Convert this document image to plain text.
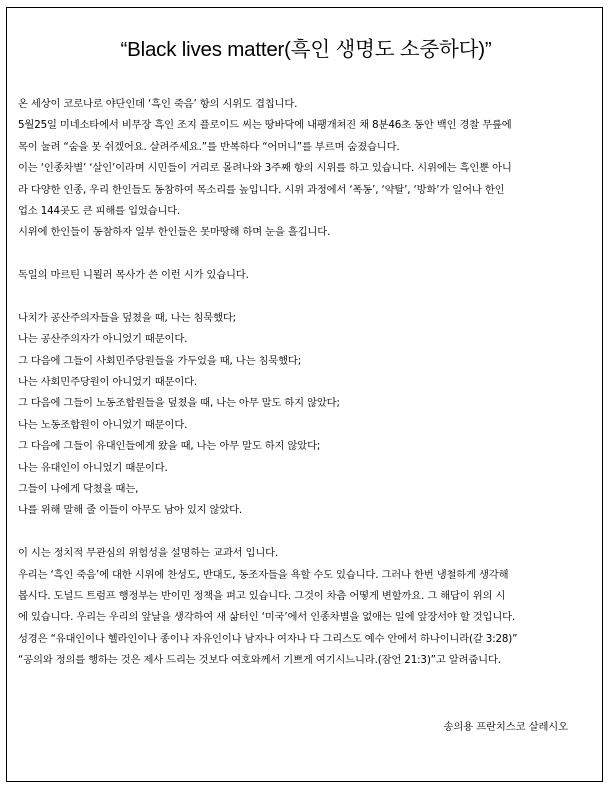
“Black lives matter(흑인 생명도 소중하다)”
온 세상이 코로나로 야단인데 ‘흑인 죽음’ 항의 시위도 겹칩니다.
5월25일 미네소타에서 비무장 흑인 조지 플로이드 씨는 땅바닥에 내팽개쳐진 채 8분46초 동안 백인 경찰 무릎에
목이 눌려 “숨을 못 쉬겠어요. 살려주세요.”를 반복하다 “어머니”를 부르며 숨졌습니다.
이는 ‘인종차별’ ‘살인’이라며 시민들이 거리로 몰려나와 3주째 항의 시위를 하고 있습니다. 시위에는 흑인뿐 아니
라 다양한 인종, 우리 한인들도 동참하여 목소리를 높입니다. 시위 과정에서 ‘폭동’, ‘약탈’, ‘방화’가 일어나 한인
업소 144곳도 큰 피해를 입었습니다.
시위에 한인들이 동참하자 일부 한인들은 못마땅해 하며 눈을 흘깁니다.
독일의 마르틴 니묄러 목사가 쓴 이런 시가 있습니다.
나치가 공산주의자들을 덮쳤을 때, 나는 침묵했다;
나는 공산주의자가 아니었기 때문이다.
그 다음에 그들이 사회민주당원들을 가두었을 때, 나는 침묵했다;
나는 사회민주당원이 아니었기 때문이다.
그 다음에 그들이 노동조합원들을 덮쳤을 때, 나는 아무 말도 하지 않았다;
나는 노동조합원이 아니었기 때문이다.
그 다음에 그들이 유대인들에게 왔을 때, 나는 아무 말도 하지 않았다;
나는 유대인이 아니었기 때문이다.
그들이 나에게 닥쳤을 때는,
나를 위해 말해 줄 이들이 아무도 남아 있지 않았다.
이 시는 정치적 무관심의 위험성을 설명하는 교과서 입니다.
우리는 ‘흑인 죽음’에 대한 시위에 찬성도, 반대도, 동조자들을 욕할 수도 있습니다. 그러나 한번 냉철하게 생각해
봅시다. 도널드 트럼프 행정부는 반이민 정책을 펴고 있습니다. 그것이 차츰 어떻게 변할까요. 그 해답이 위의 시
에 있습니다. 우리는 우리의 앞날을 생각하여 새 삶터인 ‘미국’에서 인종차별을 없애는 일에 앞장서야 할 것입니다.
성경은 “유대인이나 헬라인이나 종이나 자유인이나 남자나 여자나 다 그리스도 예수 안에서 하나이니라(갈 3:28)”
“공의와 정의를 행하는 것은 제사 드리는 것보다 여호와께서 기쁘게 여기시느니라.(잠언 21:3)”고 알려줍니다.
송의용 프란치스코 살레시오
